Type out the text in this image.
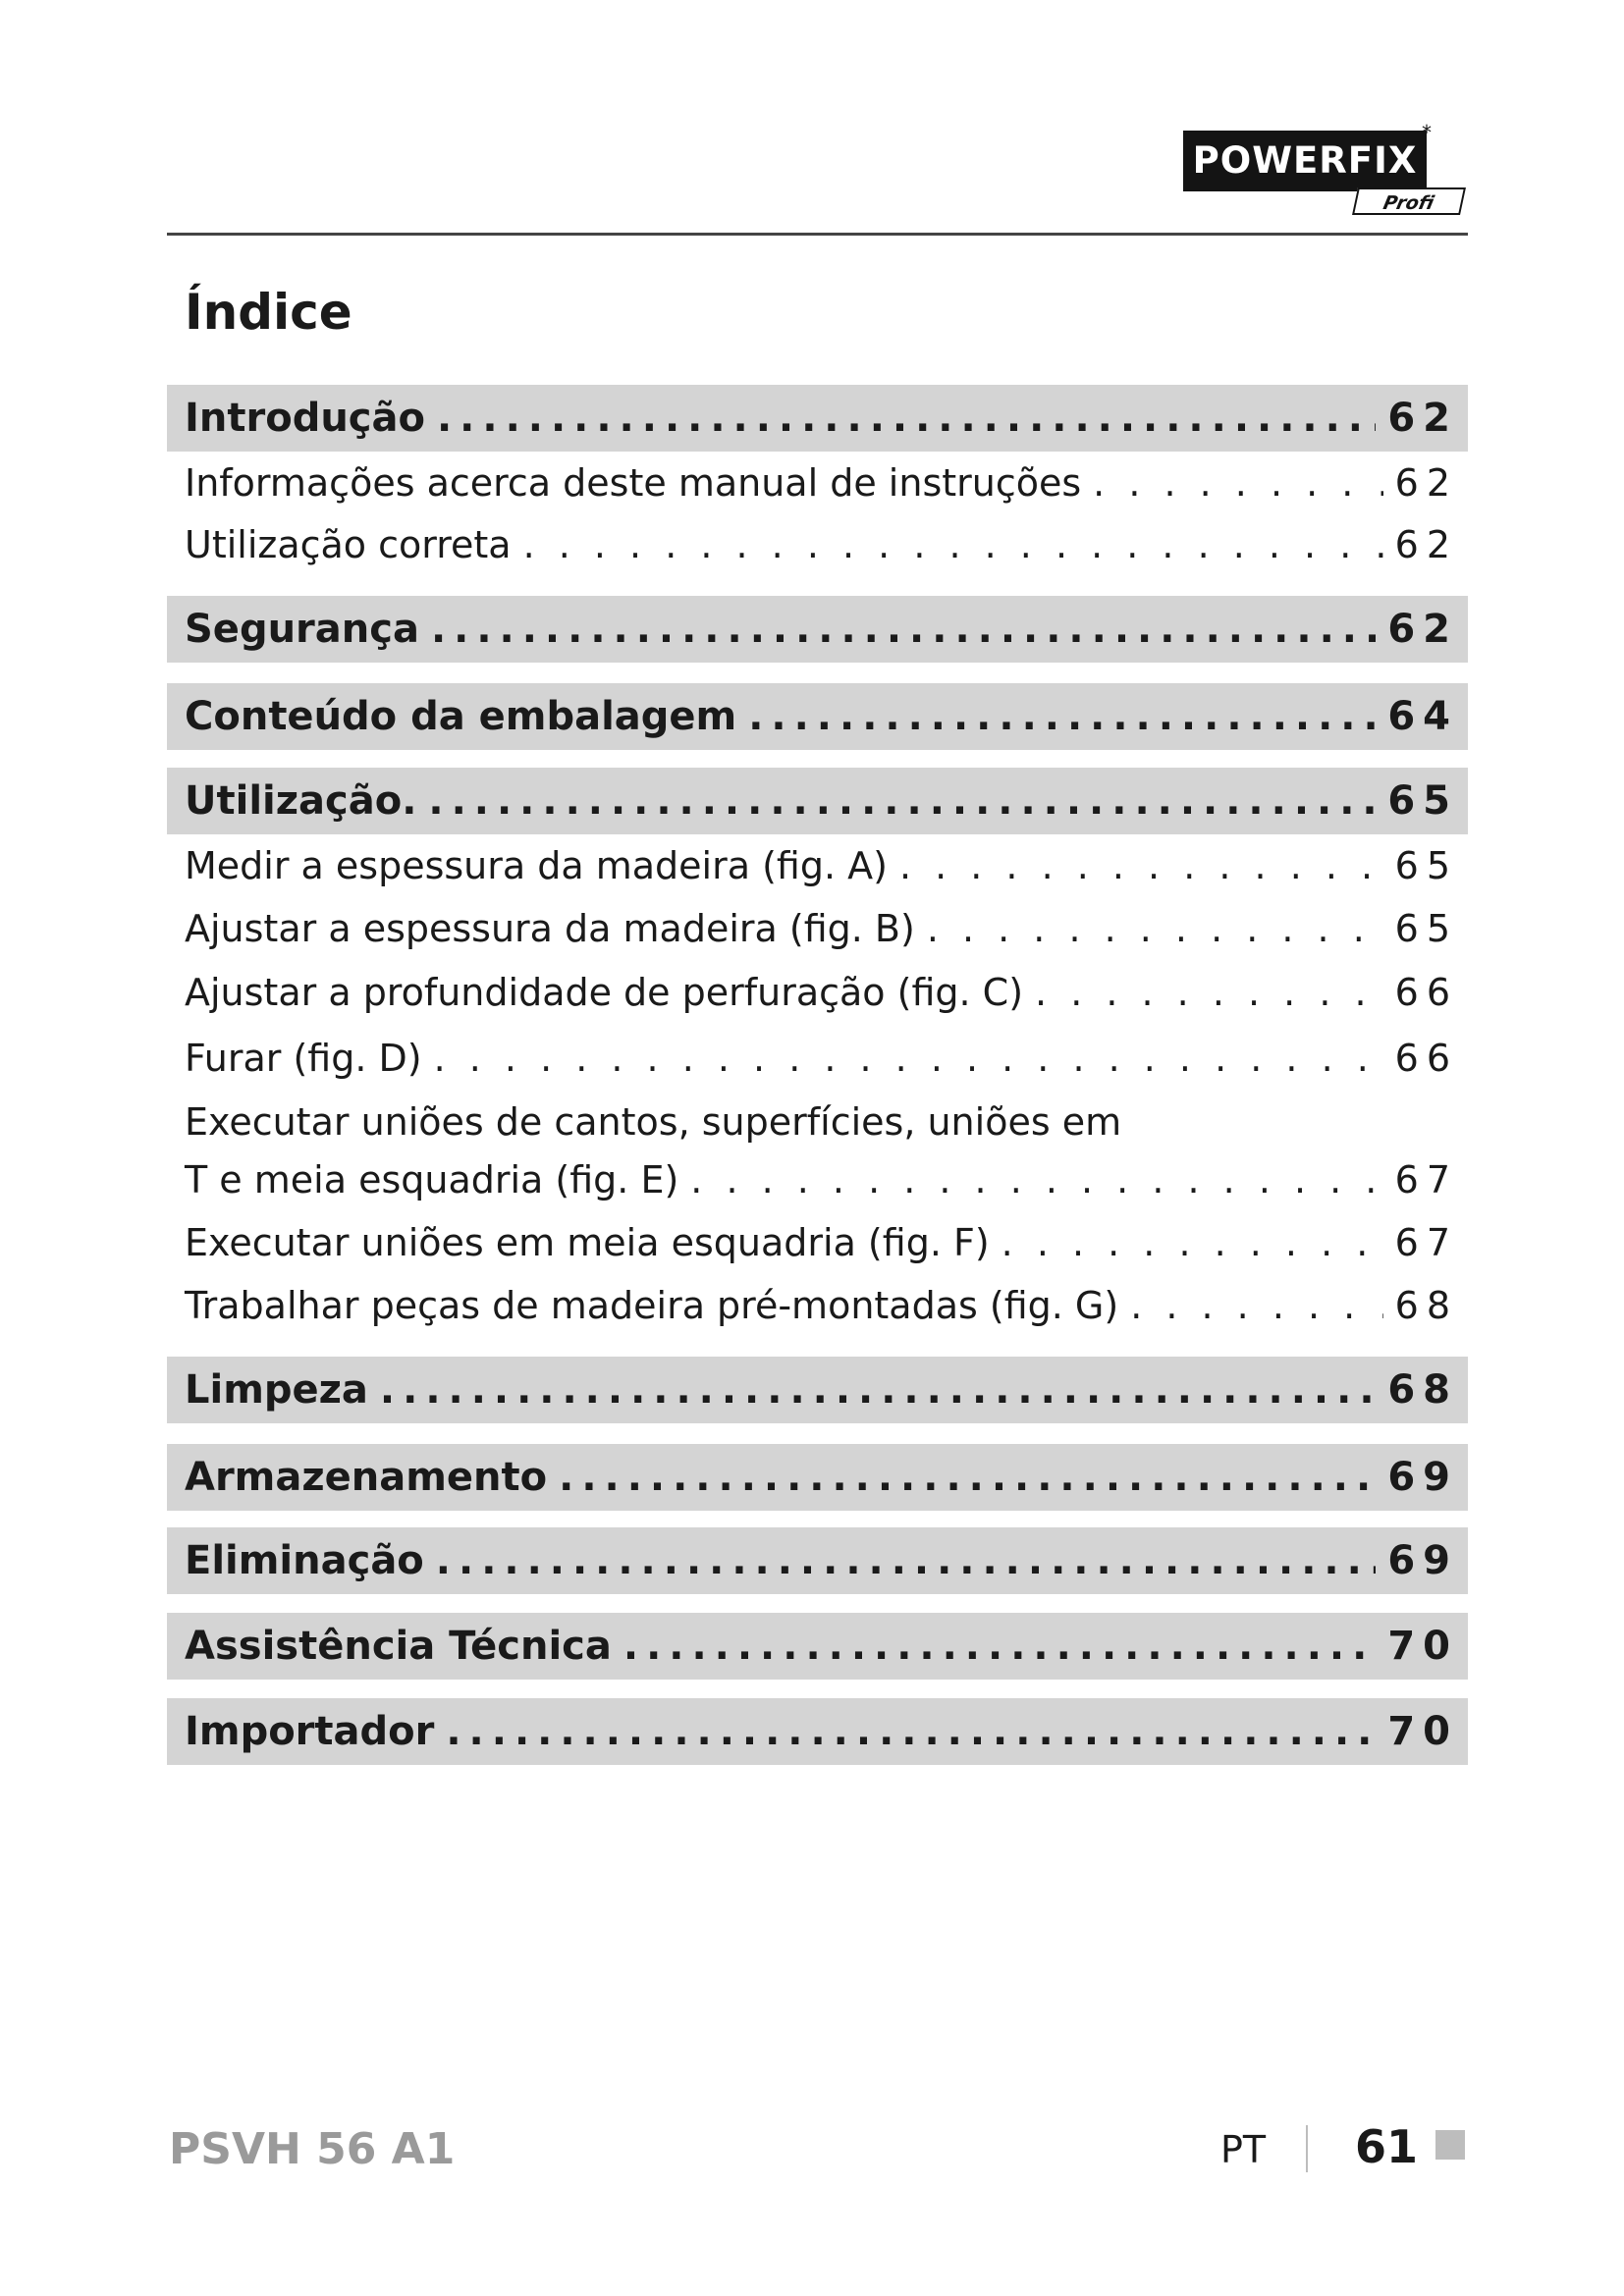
POWERFIX
*
Profi
Índice
Introdução .....	62
Informações acerca deste manual de instruções . . .	62
Utilização correta . . .	62
Segurança .....	62
Conteúdo da embalagem .....	64
Utilização. .....	65
Medir a espessura da madeira (fig. A) . . .	65
Ajustar a espessura da madeira (fig. B) . . .	65
Ajustar a profundidade de perfuração (fig. C) . . .	66
Furar (fig. D) . . .	66
Executar uniões de cantos, superfícies, uniões em
T e meia esquadria (fig. E) . . .	67
Executar uniões em meia esquadria (fig. F) . . .	67
Trabalhar peças de madeira pré-montadas (fig. G) . . .	68
Limpeza .....	68
Armazenamento .....	69
Eliminação .....	69
Assistência Técnica .....	70
Importador .....	70
PSVH 56 A1	PT 61
